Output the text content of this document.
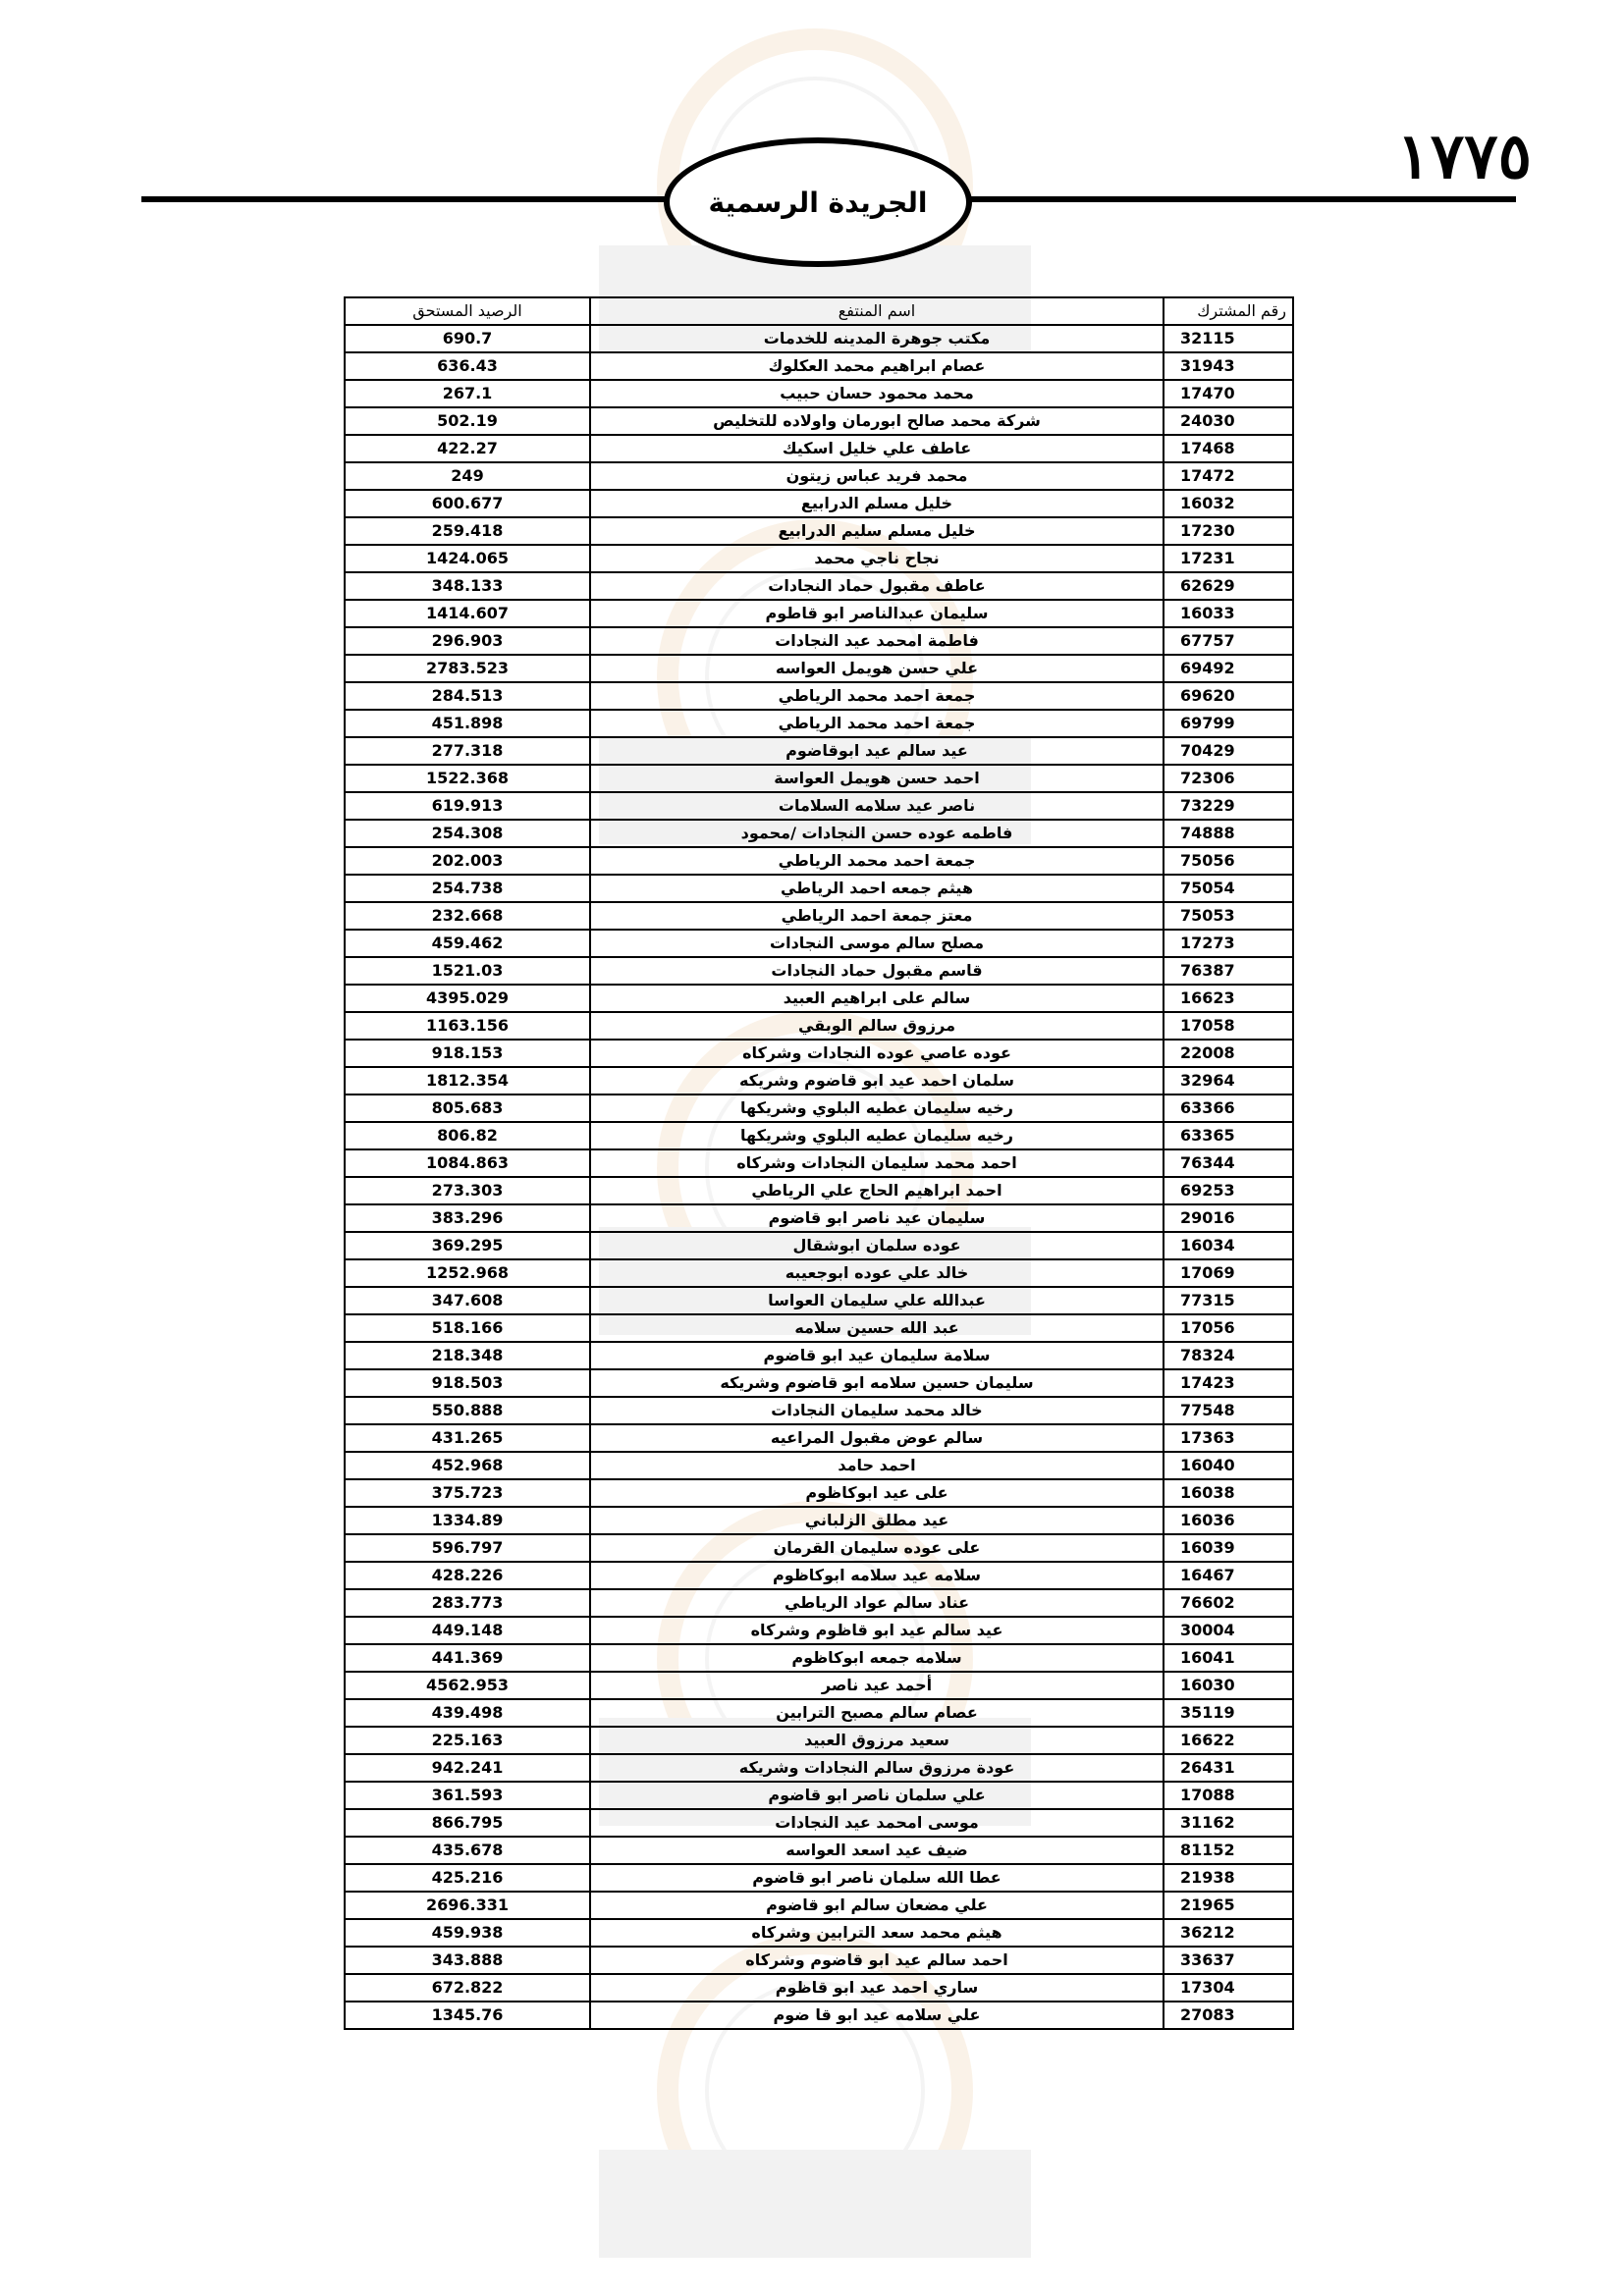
١٧٧٥
الجريدة الرسمية
رقم المشترك	اسم المنتفع	الرصيد المستحق
32115	مكتب جوهرة المدينه للخدمات	690.7
31943	عصام ابراهيم محمد العكلوك	636.43
17470	محمد محمود حسان حبيب	267.1
24030	شركة محمد صالح ابورمان واولاده للتخليص	502.19
17468	عاطف علي خليل اسكيك	422.27
17472	محمد فريد عباس زيتون	249
16032	خليل مسلم الدرابيع	600.677
17230	خليل مسلم سليم الدرابيع	259.418
17231	نجاح ناجي محمد	1424.065
62629	عاطف مقبول حماد النجادات	348.133
16033	سليمان عبدالناصر ابو قاطوم	1414.607
67757	فاطمة امحمد عيد النجادات	296.903
69492	علي حسن هويمل العواسه	2783.523
69620	جمعة احمد محمد الرياطي	284.513
69799	جمعة احمد محمد الرياطي	451.898
70429	عيد سالم عيد ابوقاضوم	277.318
72306	احمد حسن هويمل العواسة	1522.368
73229	ناصر عيد سلامه السلامات	619.913
74888	فاطمه عوده حسن النجادات /محمود	254.308
75056	جمعة احمد محمد الرياطي	202.003
75054	هيثم جمعه احمد الرياطي	254.738
75053	معتز جمعة احمد الرياطي	232.668
17273	مصلح سالم موسى النجادات	459.462
76387	قاسم مقبول حماد النجادات	1521.03
16623	سالم على ابراهيم العبيد	4395.029
17058	مرزوق سالم الوبقي	1163.156
22008	عوده عاصي عوده النجادات وشركاه	918.153
32964	سلمان احمد عيد ابو قاضوم وشريكه	1812.354
63366	رخيه سليمان عطيه البلوي وشريكها	805.683
63365	رخيه سليمان عطيه البلوي وشريكها	806.82
76344	احمد محمد سليمان النجادات وشركاه	1084.863
69253	احمد ابراهيم الحاج علي الرياطي	273.303
29016	سليمان عيد ناصر ابو قاضوم	383.296
16034	عوده سلمان ابوشقال	369.295
17069	خالد علي عوده ابوجعيبه	1252.968
77315	عبدالله علي سليمان العواسا	347.608
17056	عبد الله حسين سلامه	518.166
78324	سلامة سليمان عيد ابو قاضوم	218.348
17423	سليمان حسين سلامه ابو قاضوم وشريكه	918.503
77548	خالد محمد سليمان النجادات	550.888
17363	سالم عوض مقبول المراعيه	431.265
16040	احمد حامد	452.968
16038	على عيد ابوكاظوم	375.723
16036	عيد مطلق الزلباني	1334.89
16039	على عوده سليمان القرمان	596.797
16467	سلامه عيد سلامه ابوكاظوم	428.226
76602	عناد سالم عواد الرياطي	283.773
30004	عيد سالم عيد ابو قاظوم وشركاه	449.148
16041	سلامه جمعه ابوكاظوم	441.369
16030	أحمد عيد ناصر	4562.953
35119	عصام سالم مصبح الترابين	439.498
16622	سعيد مرزوق العبيد	225.163
26431	عودة مرزوق سالم النجادات وشريكه	942.241
17088	علي سلمان ناصر ابو قاضوم	361.593
31162	موسى امحمد عيد النجادات	866.795
81152	ضيف عيد اسعد العواسه	435.678
21938	عطا الله سلمان ناصر ابو قاضوم	425.216
21965	علي مضعان سالم ابو قاضوم	2696.331
36212	هيثم محمد سعد الترابين وشركاه	459.938
33637	احمد سالم عيد ابو قاضوم وشركاه	343.888
17304	ساري احمد عيد ابو قاظوم	672.822
27083	علي سلامه عيد ابو قا ضوم	1345.76
